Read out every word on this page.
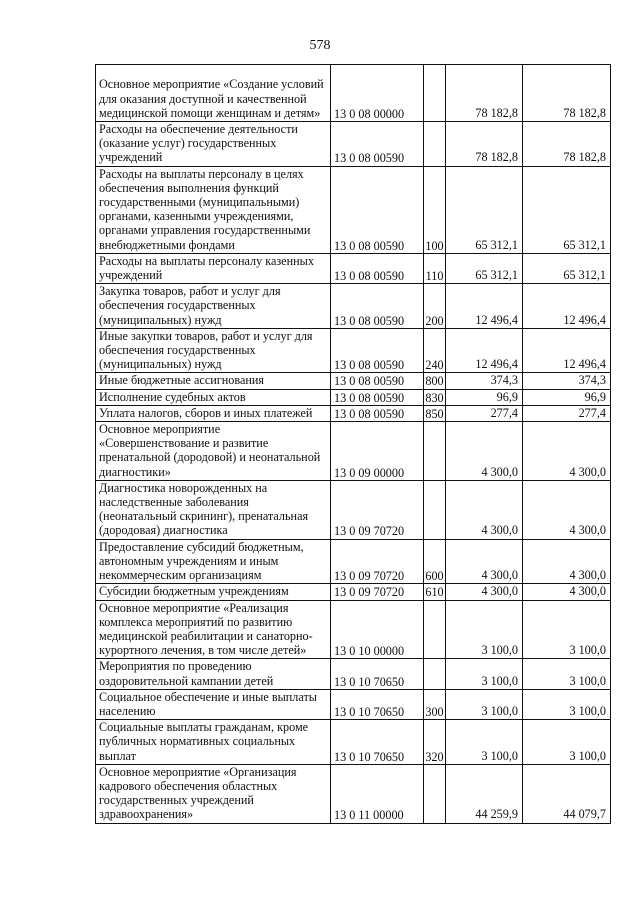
578
Основное мероприятие «Создание условий для оказания доступной и качественной медицинской помощи женщинам и детям»	13 0 08 00000		78 182,8	78 182,8
Расходы на обеспечение деятельности (оказание услуг) государственных учреждений	13 0 08 00590		78 182,8	78 182,8
Расходы на выплаты персоналу в целях обеспечения выполнения функций государственными (муниципальными) органами, казенными учреждениями, органами управления государственными внебюджетными фондами	13 0 08 00590	100	65 312,1	65 312,1
Расходы на выплаты персоналу казенных учреждений	13 0 08 00590	110	65 312,1	65 312,1
Закупка товаров, работ и услуг для обеспечения государственных (муниципальных) нужд	13 0 08 00590	200	12 496,4	12 496,4
Иные закупки товаров, работ и услуг для обеспечения государственных (муниципальных) нужд	13 0 08 00590	240	12 496,4	12 496,4
Иные бюджетные ассигнования	13 0 08 00590	800	374,3	374,3
Исполнение судебных актов	13 0 08 00590	830	96,9	96,9
Уплата налогов, сборов и иных платежей	13 0 08 00590	850	277,4	277,4
Основное мероприятие «Совершенствование и развитие пренатальной (дородовой) и неонатальной диагностики»	13 0 09 00000		4 300,0	4 300,0
Диагностика новорожденных на наследственные заболевания (неонатальный скрининг), пренатальная (дородовая) диагностика	13 0 09 70720		4 300,0	4 300,0
Предоставление субсидий бюджетным, автономным учреждениям и иным некоммерческим организациям	13 0 09 70720	600	4 300,0	4 300,0
Субсидии бюджетным учреждениям	13 0 09 70720	610	4 300,0	4 300,0
Основное мероприятие «Реализация комплекса мероприятий по развитию медицинской реабилитации и санаторно-курортного лечения, в том числе детей»	13 0 10 00000		3 100,0	3 100,0
Мероприятия по проведению оздоровительной кампании детей	13 0 10 70650		3 100,0	3 100,0
Социальное обеспечение и иные выплаты населению	13 0 10 70650	300	3 100,0	3 100,0
Социальные выплаты гражданам, кроме публичных нормативных социальных выплат	13 0 10 70650	320	3 100,0	3 100,0
Основное мероприятие «Организация кадрового обеспечения областных государственных учреждений здравоохранения»	13 0 11 00000		44 259,9	44 079,7
